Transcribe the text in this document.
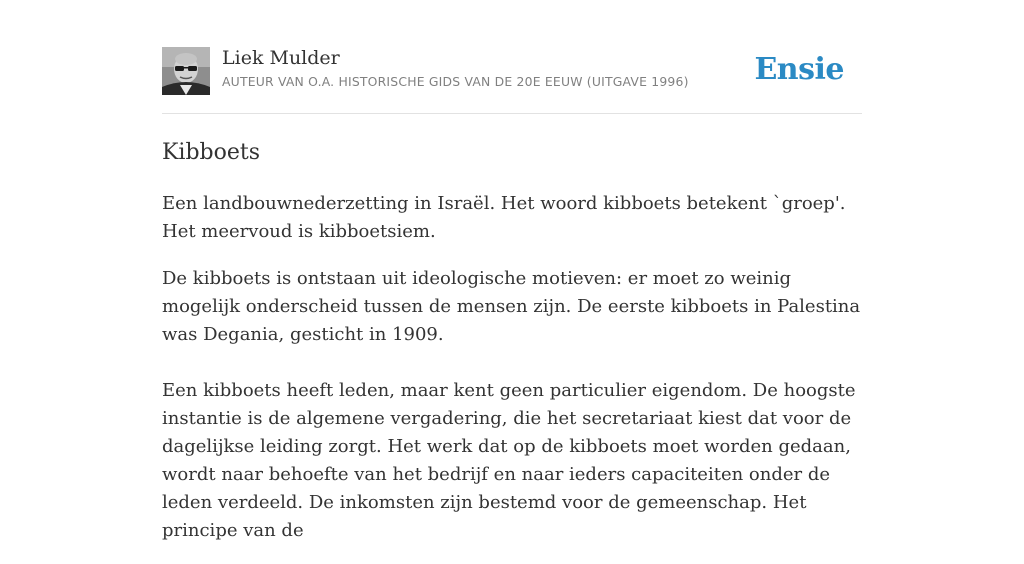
Liek Mulder
AUTEUR VAN O.A. HISTORISCHE GIDS VAN DE 20E EEUW (UITGAVE 1996) Ensie
Kibboets

Een landbouwnederzetting in Israël. Het woord kibboets betekent `groep'. Het meervoud is kibboetsiem.

De kibboets is ontstaan uit ideologische motieven: er moet zo weinig mogelijk onderscheid tussen de mensen zijn. De eerste kibboets in Palestina was Degania, gesticht in 1909.

Een kibboets heeft leden, maar kent geen particulier eigendom. De hoogste instantie is de algemene vergadering, die het secretariaat kiest dat voor de dagelijkse leiding zorgt. Het werk dat op de kibboets moet worden gedaan, wordt naar behoefte van het bedrijf en naar ieders capaciteiten onder de leden verdeeld. De inkomsten zijn bestemd voor de gemeenschap. Het principe van de
